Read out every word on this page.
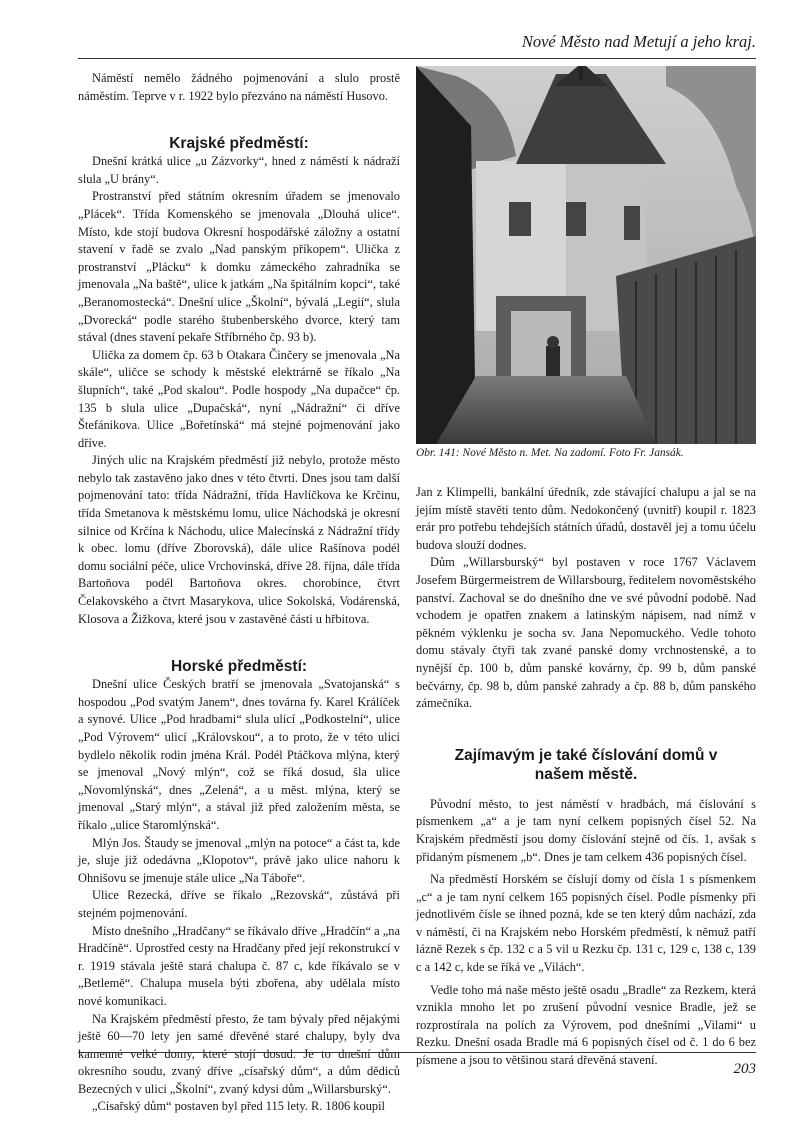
Nové Město nad Metují a jeho kraj.

Náměstí nemělo žádného pojmenování a slulo prostě náměstím. Teprve v r. 1922 bylo přezváno na náměstí Husovo.

Krajské předměstí:

Dnešní krátká ulice „u Zázvorky“, hned z náměstí k nádraží slula „U brány“.

Prostranství před státním okresním úřadem se jmenovalo „Plácek“. Třída Komenského se jmenovala „Dlouhá ulice“. Místo, kde stojí budova Okresní hospodářské záložny a ostatní stavení v řadě se zvalo „Nad panským příkopem“. Ulička z prostranství „Plácku“ k domku zámeckého zahradníka se jmenovala „Na baště“, ulice k jatkám „Na špitálním kopci“, také „Beranomostecká“. Dnešní ulice „Školní“, bývalá „Legií“, slula „Dvorecká“ podle starého štubenberského dvorce, který tam stával (dnes stavení pekaře Stříbrného čp. 93 b).

Ulička za domem čp. 63 b Otakara Činčery se jmenovala „Na skále“, uličce se schody k městské elektrárně se říkalo „Na šlupních“, také „Pod skalou“. Podle hospody „Na dupačce“ čp. 135 b slula ulice „Dupačská“, nyní „Nádražní“ či dříve Štefánikova. Ulice „Bořetínská“ má stejné pojmenování jako dříve.

Jiných ulic na Krajském předměstí již nebylo, protože město nebylo tak zastavěno jako dnes v této čtvrti. Dnes jsou tam další pojmenování tato: třída Nádražní, třída Havlíčkova ke Krčinu, třída Smetanova k městskému lomu, ulice Náchodská je okresní silnice od Krčína k Náchodu, ulice Malecínská z Nádražní třídy k obec. lomu (dříve Zborovská), dále ulice Rašínova podél domu sociální péče, ulice Vrchovinská, dříve 28. října, dále třída Bartoňova podél Bartoňova okres. chorobince, čtvrt Čelakovského a čtvrt Masarykova, ulice Sokolská, Vodárenská, Klosova a Žižkova, které jsou v zastavěné části u hřbitova.

Horské předměstí:

Dnešní ulice Českých bratří se jmenovala „Svatojanská“ s hospodou „Pod svatým Janem“, dnes továrna fy. Karel Králíček a synové. Ulice „Pod hradbami“ slula ulicí „Podkostelní“, ulice „Pod Výrovem“ ulicí „Královskou“, a to proto, že v této ulici bydlelo několik rodin jména Král. Podél Ptáčkova mlýna, který se jmenoval „Nový mlýn“, což se říká dosud, šla ulice „Novomlýnská“, dnes „Zelená“, a u měst. mlýna, který se jmenoval „Starý mlýn“, a stával již před založením města, se říkalo „ulice Staromlýnská“.

Mlýn Jos. Štaudy se jmenoval „mlýn na potoce“ a část ta, kde je, sluje již odedávna „Klopotov“, právě jako ulice nahoru k Ohnišovu se jmenuje stále ulice „Na Táboře“.

Ulice Rezecká, dříve se říkalo „Rezovská“, zůstává při stejném pojmenování.

Místo dnešního „Hradčany“ se říkávalo dříve „Hradčín“ a „na Hradčíně“. Uprostřed cesty na Hradčany před její rekonstrukcí v r. 1919 stávala ještě stará chalupa č. 87 c, kde říkávalo se v „Betlemě“. Chalupa musela býti zbořena, aby udělala místo nové komunikaci.

Na Krajském předměstí přesto, že tam bývaly před nějakými ještě 60—70 lety jen samé dřevěné staré chalupy, byly dva kamenné velké domy, které stojí dosud. Je to dnešní dům okresního soudu, zvaný dříve „císařský dům“, a dům dědiců Bezecných v ulici „Školní“, zvaný kdysi dům „Willarsburský“.

„Císařský dům“ postaven byl před 115 lety. R. 1806 koupil

Obr. 141: Nové Město n. Met. Na zadomí. Foto Fr. Jansák.

Jan z Klimpelli, bankální úředník, zde stávající chalupu a jal se na jejím místě stavěti tento dům. Nedokončený (uvnitř) koupil r. 1823 erár pro potřebu tehdejších státních úřadů, dostavěl jej a tomu účelu budova slouží dodnes.

Dům „Willarsburský“ byl postaven v roce 1767 Václavem Josefem Bürgermeistrem de Willarsbourg, ředitelem novoměstského panství. Zachoval se do dnešního dne ve své původní podobě. Nad vchodem je opatřen znakem a latinským nápisem, nad nímž v pěkném výklenku je socha sv. Jana Nepomuckého. Vedle tohoto domu stávaly čtyři tak zvané panské domy vrchnostenské, a to nynější čp. 100 b, dům panské kovárny, čp. 99 b, dům panské bečvárny, čp. 98 b, dům panské zahrady a čp. 88 b, dům panského zámečníka.

Zajímavým je také číslování domů v našem městě.

Původní město, to jest náměstí v hradbách, má číslování s písmenkem „a“ a je tam nyní celkem popisných čísel 52. Na Krajském předměstí jsou domy číslování stejně od čís. 1, avšak s přidaným písmenem „b“. Dnes je tam celkem 436 popisných čísel.

Na předměstí Horském se číslují domy od čísla 1 s písmenkem „c“ a je tam nyní celkem 165 popisných čísel. Podle písmenky při jednotlivém čísle se ihned pozná, kde se ten který dům nachází, zda v náměstí, či na Krajském nebo Horském předměstí, k němuž patří lázně Rezek s čp. 132 c a 5 vil u Rezku čp. 131 c, 129 c, 138 c, 139 c a 142 c, kde se říká ve „Vilách“.

Vedle toho má naše město ještě osadu „Bradle“ za Rezkem, která vznikla mnoho let po zrušení původní vesnice Bradle, jež se rozprostírala na polích za Výrovem, pod dnešními „Vilami“ u Rezku. Dnešní osada Bradle má 6 popisných čísel od č. 1 do 6 bez písmene a jsou to většinou stará dřevěná stavení.

203
